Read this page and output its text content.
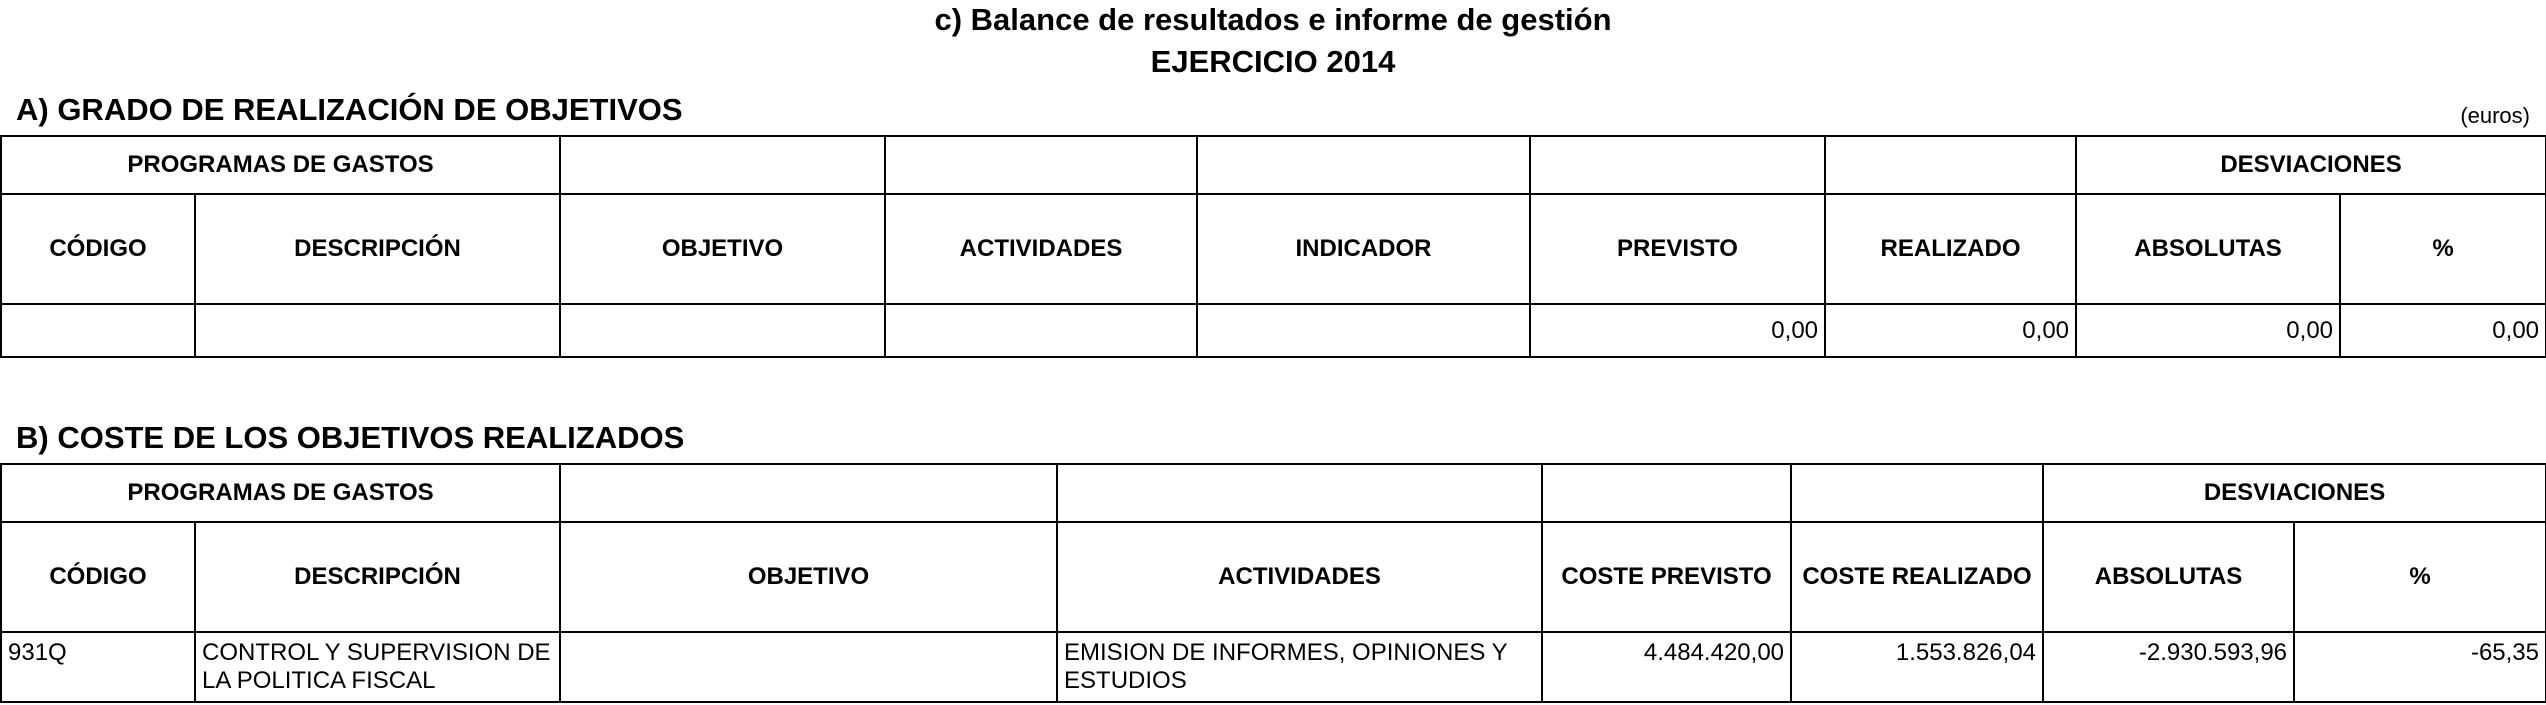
c) Balance de resultados e informe de gestión
EJERCICIO 2014
A) GRADO DE REALIZACIÓN DE OBJETIVOS	(euros)
PROGRAMAS DE GASTOS							DESVIACIONES	
CÓDIGO	DESCRIPCIÓN	OBJETIVO	ACTIVIDADES	INDICADOR	PREVISTO	REALIZADO	ABSOLUTAS	%
					0,00	0,00	0,00	0,00
B) COSTE DE LOS OBJETIVOS REALIZADOS
PROGRAMAS DE GASTOS						DESVIACIONES	
CÓDIGO	DESCRIPCIÓN	OBJETIVO	ACTIVIDADES	COSTE PREVISTO	COSTE REALIZADO	ABSOLUTAS	%
931Q	CONTROL Y SUPERVISION DE LA POLITICA FISCAL		EMISION DE INFORMES, OPINIONES Y ESTUDIOS	4.484.420,00	1.553.826,04	-2.930.593,96	-65,35
